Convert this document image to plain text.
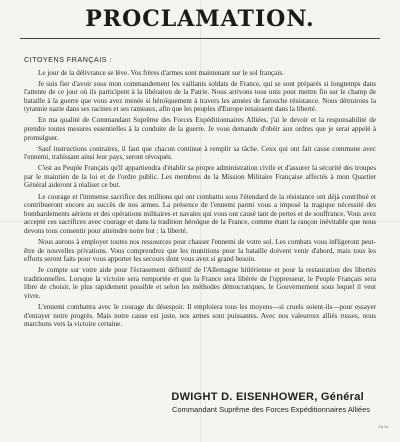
PROCLAMATION.
CITOYENS FRANÇAIS :

Le jour de la délivrance se lève. Vos frères d'armes sont maintenant sur le sol français.

Je suis fier d'avoir sous mon commandement les vaillants soldats de France, qui se sont préparés si longtemps dans l'attente de ce jour où ils participent à la libération de la Patrie. Nous arrivons tous unis pour mettre fin sur le champ de bataille à la guerre que vous avez menée si héroïquement à travers les années de farouche résistance. Nous détruirons la tyrannie nazie dans ses racines et ses rameaux, afin que les peuples d'Europe renaissent dans la liberté.

En ma qualité de Commandant Suprême des Forces Expéditionnaires Alliées, j'ai le devoir et la responsabilité de prendre toutes mesures essentielles à la conduite de la guerre. Je vous demande d'obéir aux ordres que je serai appelé à promulguer.

Sauf instructions contraires, il faut que chacun continue à remplir sa tâche. Ceux qui ont fait cause commune avec l'ennemi, trahissant ainsi leur pays, seront révoqués.

C'est au Peuple Français qu'il appartiendra d'établir sa propre administration civile et d'assurer la sécurité des troupes par le maintien de la loi et de l'ordre public. Les membres de la Mission Militaire Française affectés à mon Quartier Général aideront à réaliser ce but.

Le courage et l'immense sacrifice des millions qui ont combattu sous l'étendard de la résistance ont déjà contribué et contribueront encore au succès de nos armes. La présence de l'ennemi parmi vous a imposé la tragique nécessité des bombardements aériens et des opérations militaires et navales qui vous ont causé tant de pertes et de souffrance. Vous avez accepté ces sacrifices avec courage et dans la tradition héroïque de la France, comme étant la rançon inévitable que nous devons tous consentir pour atteindre notre but : la liberté.

Nous aurons à employer toutes nos ressources pour chasser l'ennemi de votre sol. Les combats vous infligeront peut-être de nouvelles privations. Vous comprendrez que les munitions pour la bataille doivent venir d'abord, mais tous les efforts seront faits pour vous apporter les secours dont vous avez si grand besoin.

Je compte sur votre aide pour l'écrasement définitif de l'Allemagne hitlérienne et pour la restauration des libertés traditionnelles. Lorsque la victoire sera remportée et que la France sera libérée de l'oppresseur, le Peuple Français sera libre de choisir, le plus rapidement possible et selon les méthodes démocratiques, le Gouvernement sous lequel il veut vivre.

L'ennemi combattra avec le courage du désespoir. Il emploiera tous les moyens—si cruels soient-ils—pour essayer d'enrayer notre progrès. Mais notre cause est juste, nos armes sont puissantes. Avec nos valeureux alliés russes, nous marchons vers la victoire certaine.

DWIGHT D. EISENHOWER, Général
Commandant Suprême des Forces Expéditionnaires Alliées
Ca 14
